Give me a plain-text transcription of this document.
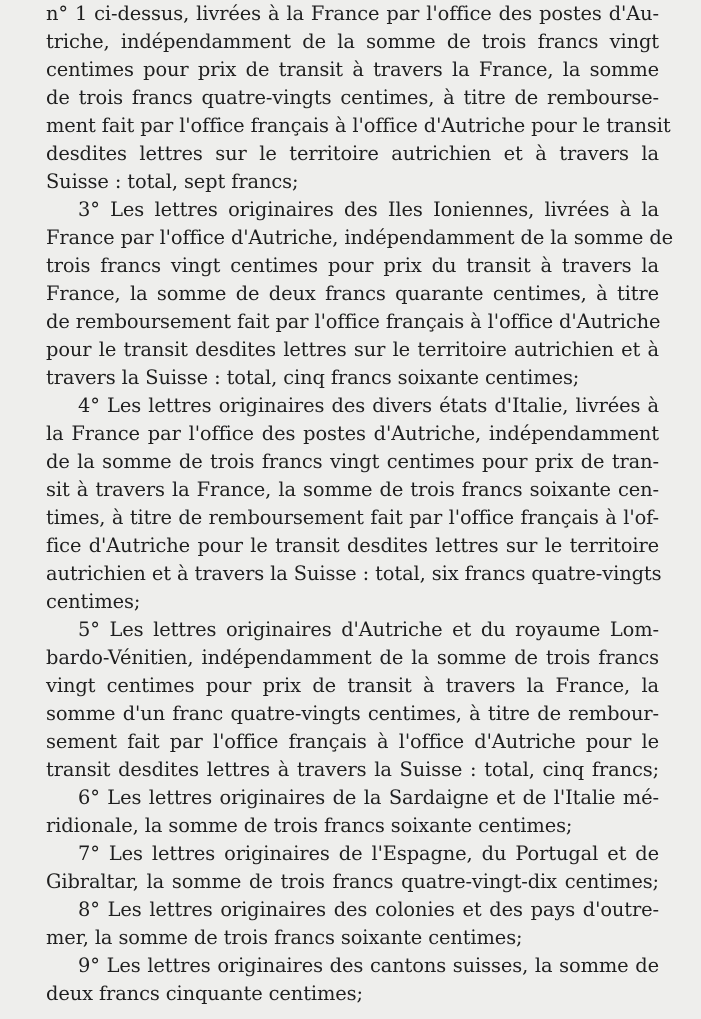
n° 1 ci-dessus, livrées à la France par l'office des postes d'Au-
triche, indépendamment de la somme de trois francs vingt
centimes pour prix de transit à travers la France, la somme
de trois francs quatre-vingts centimes, à titre de rembourse-
ment fait par l'office français à l'office d'Autriche pour le transit
desdites lettres sur le territoire autrichien et à travers la
Suisse : total, sept francs;
3° Les lettres originaires des Iles Ioniennes, livrées à la
France par l'office d'Autriche, indépendamment de la somme de
trois francs vingt centimes pour prix du transit à travers la
France, la somme de deux francs quarante centimes, à titre
de remboursement fait par l'office français à l'office d'Autriche
pour le transit desdites lettres sur le territoire autrichien et à
travers la Suisse : total, cinq francs soixante centimes;
4° Les lettres originaires des divers états d'Italie, livrées à
la France par l'office des postes d'Autriche, indépendamment
de la somme de trois francs vingt centimes pour prix de tran-
sit à travers la France, la somme de trois francs soixante cen-
times, à titre de remboursement fait par l'office français à l'of-
fice d'Autriche pour le transit desdites lettres sur le territoire
autrichien et à travers la Suisse : total, six francs quatre-vingts
centimes;
5° Les lettres originaires d'Autriche et du royaume Lom-
bardo-Vénitien, indépendamment de la somme de trois francs
vingt centimes pour prix de transit à travers la France, la
somme d'un franc quatre-vingts centimes, à titre de rembour-
sement fait par l'office français à l'office d'Autriche pour le
transit desdites lettres à travers la Suisse : total, cinq francs;
6° Les lettres originaires de la Sardaigne et de l'Italie mé-
ridionale, la somme de trois francs soixante centimes;
7° Les lettres originaires de l'Espagne, du Portugal et de
Gibraltar, la somme de trois francs quatre-vingt-dix centimes;
8° Les lettres originaires des colonies et des pays d'outre-
mer, la somme de trois francs soixante centimes;
9° Les lettres originaires des cantons suisses, la somme de
deux francs cinquante centimes;
